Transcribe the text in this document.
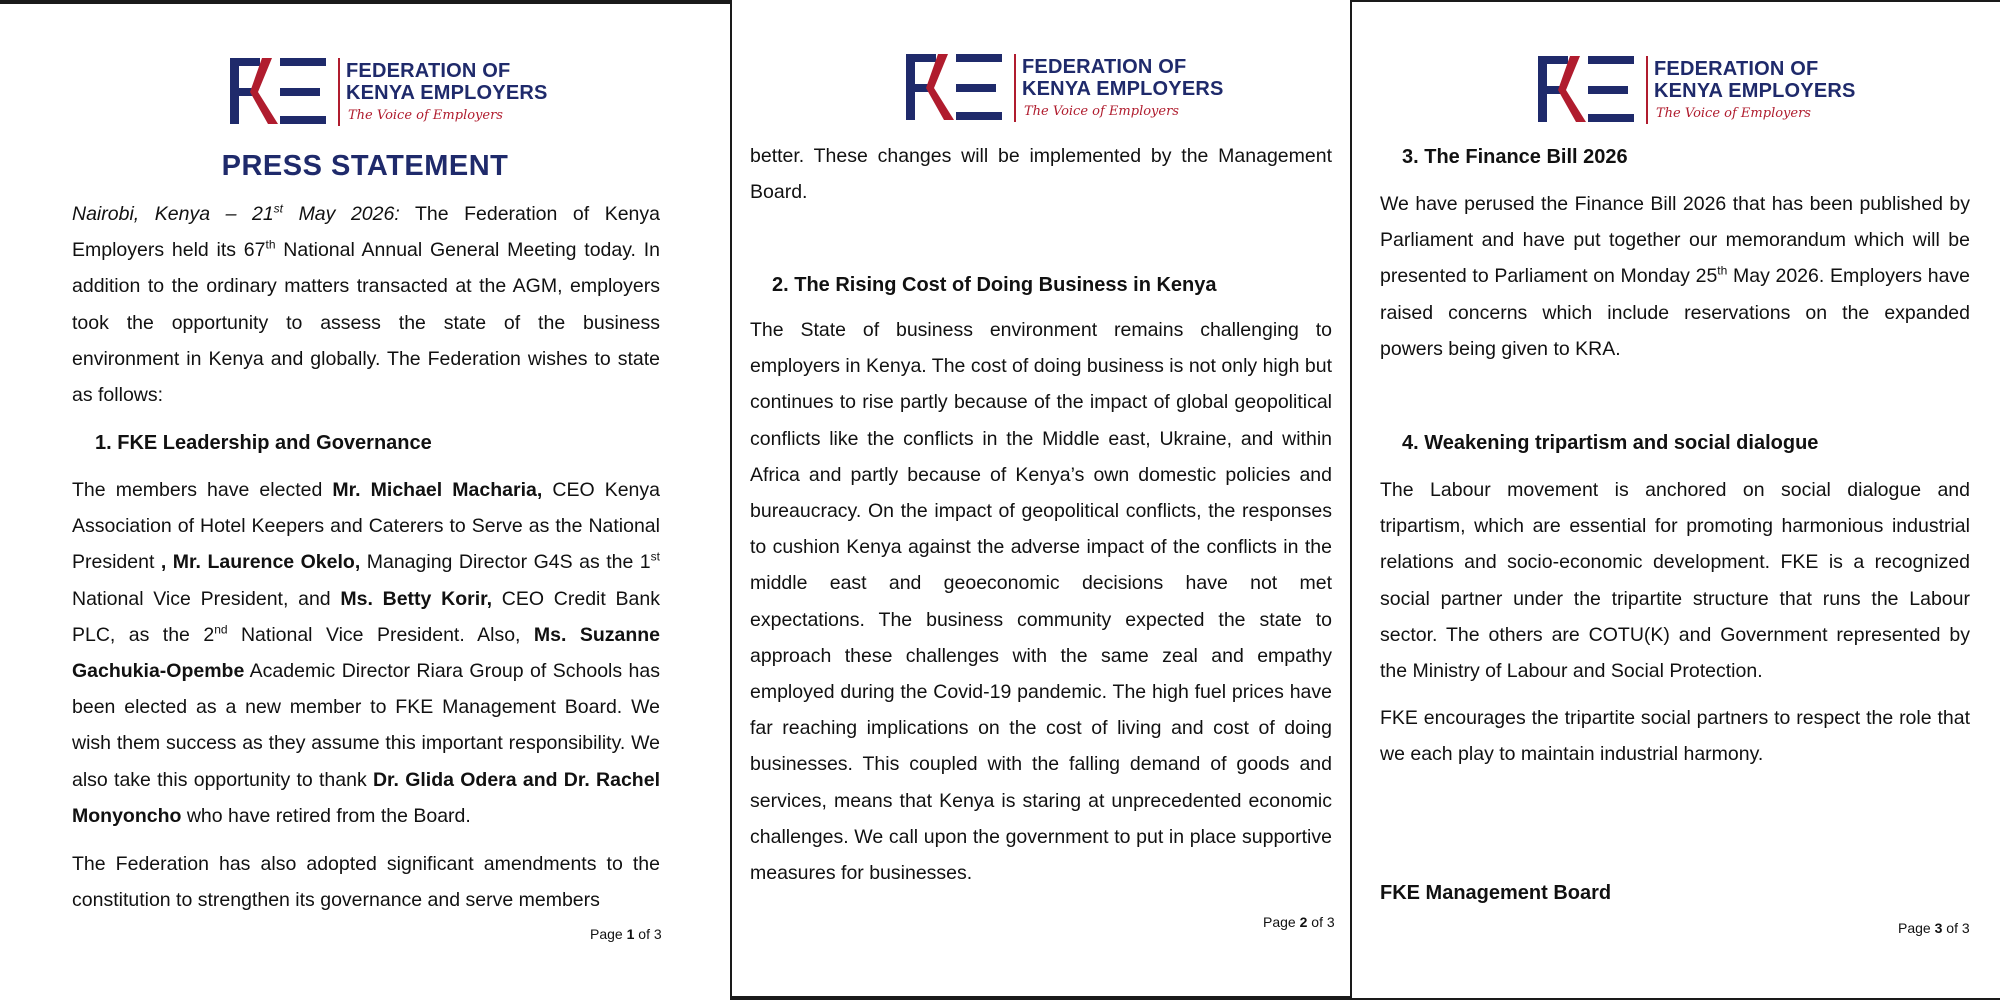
FEDERATION OF
KENYA EMPLOYERS
The Voice of Employers
PRESS STATEMENT
Nairobi, Kenya – 21st May 2026: The Federation of Kenya Employers held its 67th National Annual General Meeting today. In addition to the ordinary matters transacted at the AGM, employers took the opportunity to assess the state of the business environment in Kenya and globally. The Federation wishes to state as follows:
1. FKE Leadership and Governance
The members have elected Mr. Michael Macharia, CEO Kenya Association of Hotel Keepers and Caterers to Serve as the National President , Mr. Laurence Okelo, Managing Director G4S as the 1st National Vice President, and Ms. Betty Korir, CEO Credit Bank PLC, as the 2nd National Vice President. Also, Ms. Suzanne Gachukia-Opembe Academic Director Riara Group of Schools has been elected as a new member to FKE Management Board. We wish them success as they assume this important responsibility. We also take this opportunity to thank Dr. Glida Odera and Dr. Rachel Monyoncho who have retired from the Board.
The Federation has also adopted significant amendments to the constitution to strengthen its governance and serve members
Page 1 of 3
FEDERATION OF
KENYA EMPLOYERS
The Voice of Employers
better. These changes will be implemented by the Management Board.
2. The Rising Cost of Doing Business in Kenya
The State of business environment remains challenging to employers in Kenya. The cost of doing business is not only high but continues to rise partly because of the impact of global geopolitical conflicts like the conflicts in the Middle east, Ukraine, and within Africa and partly because of Kenya’s own domestic policies and bureaucracy. On the impact of geopolitical conflicts, the responses to cushion Kenya against the adverse impact of the conflicts in the middle east and geoeconomic decisions have not met expectations. The business community expected the state to approach these challenges with the same zeal and empathy employed during the Covid-19 pandemic. The high fuel prices have far reaching implications on the cost of living and cost of doing businesses. This coupled with the falling demand of goods and services, means that Kenya is staring at unprecedented economic challenges. We call upon the government to put in place supportive measures for businesses.
Page 2 of 3
FEDERATION OF
KENYA EMPLOYERS
The Voice of Employers
3. The Finance Bill 2026
We have perused the Finance Bill 2026 that has been published by Parliament and have put together our memorandum which will be presented to Parliament on Monday 25th May 2026. Employers have raised concerns which include reservations on the expanded powers being given to KRA.
4. Weakening tripartism and social dialogue
The Labour movement is anchored on social dialogue and tripartism, which are essential for promoting harmonious industrial relations and socio-economic development. FKE is a recognized social partner under the tripartite structure that runs the Labour sector. The others are COTU(K) and Government represented by the Ministry of Labour and Social Protection.
FKE encourages the tripartite social partners to respect the role that we each play to maintain industrial harmony.
FKE Management Board
Page 3 of 3
